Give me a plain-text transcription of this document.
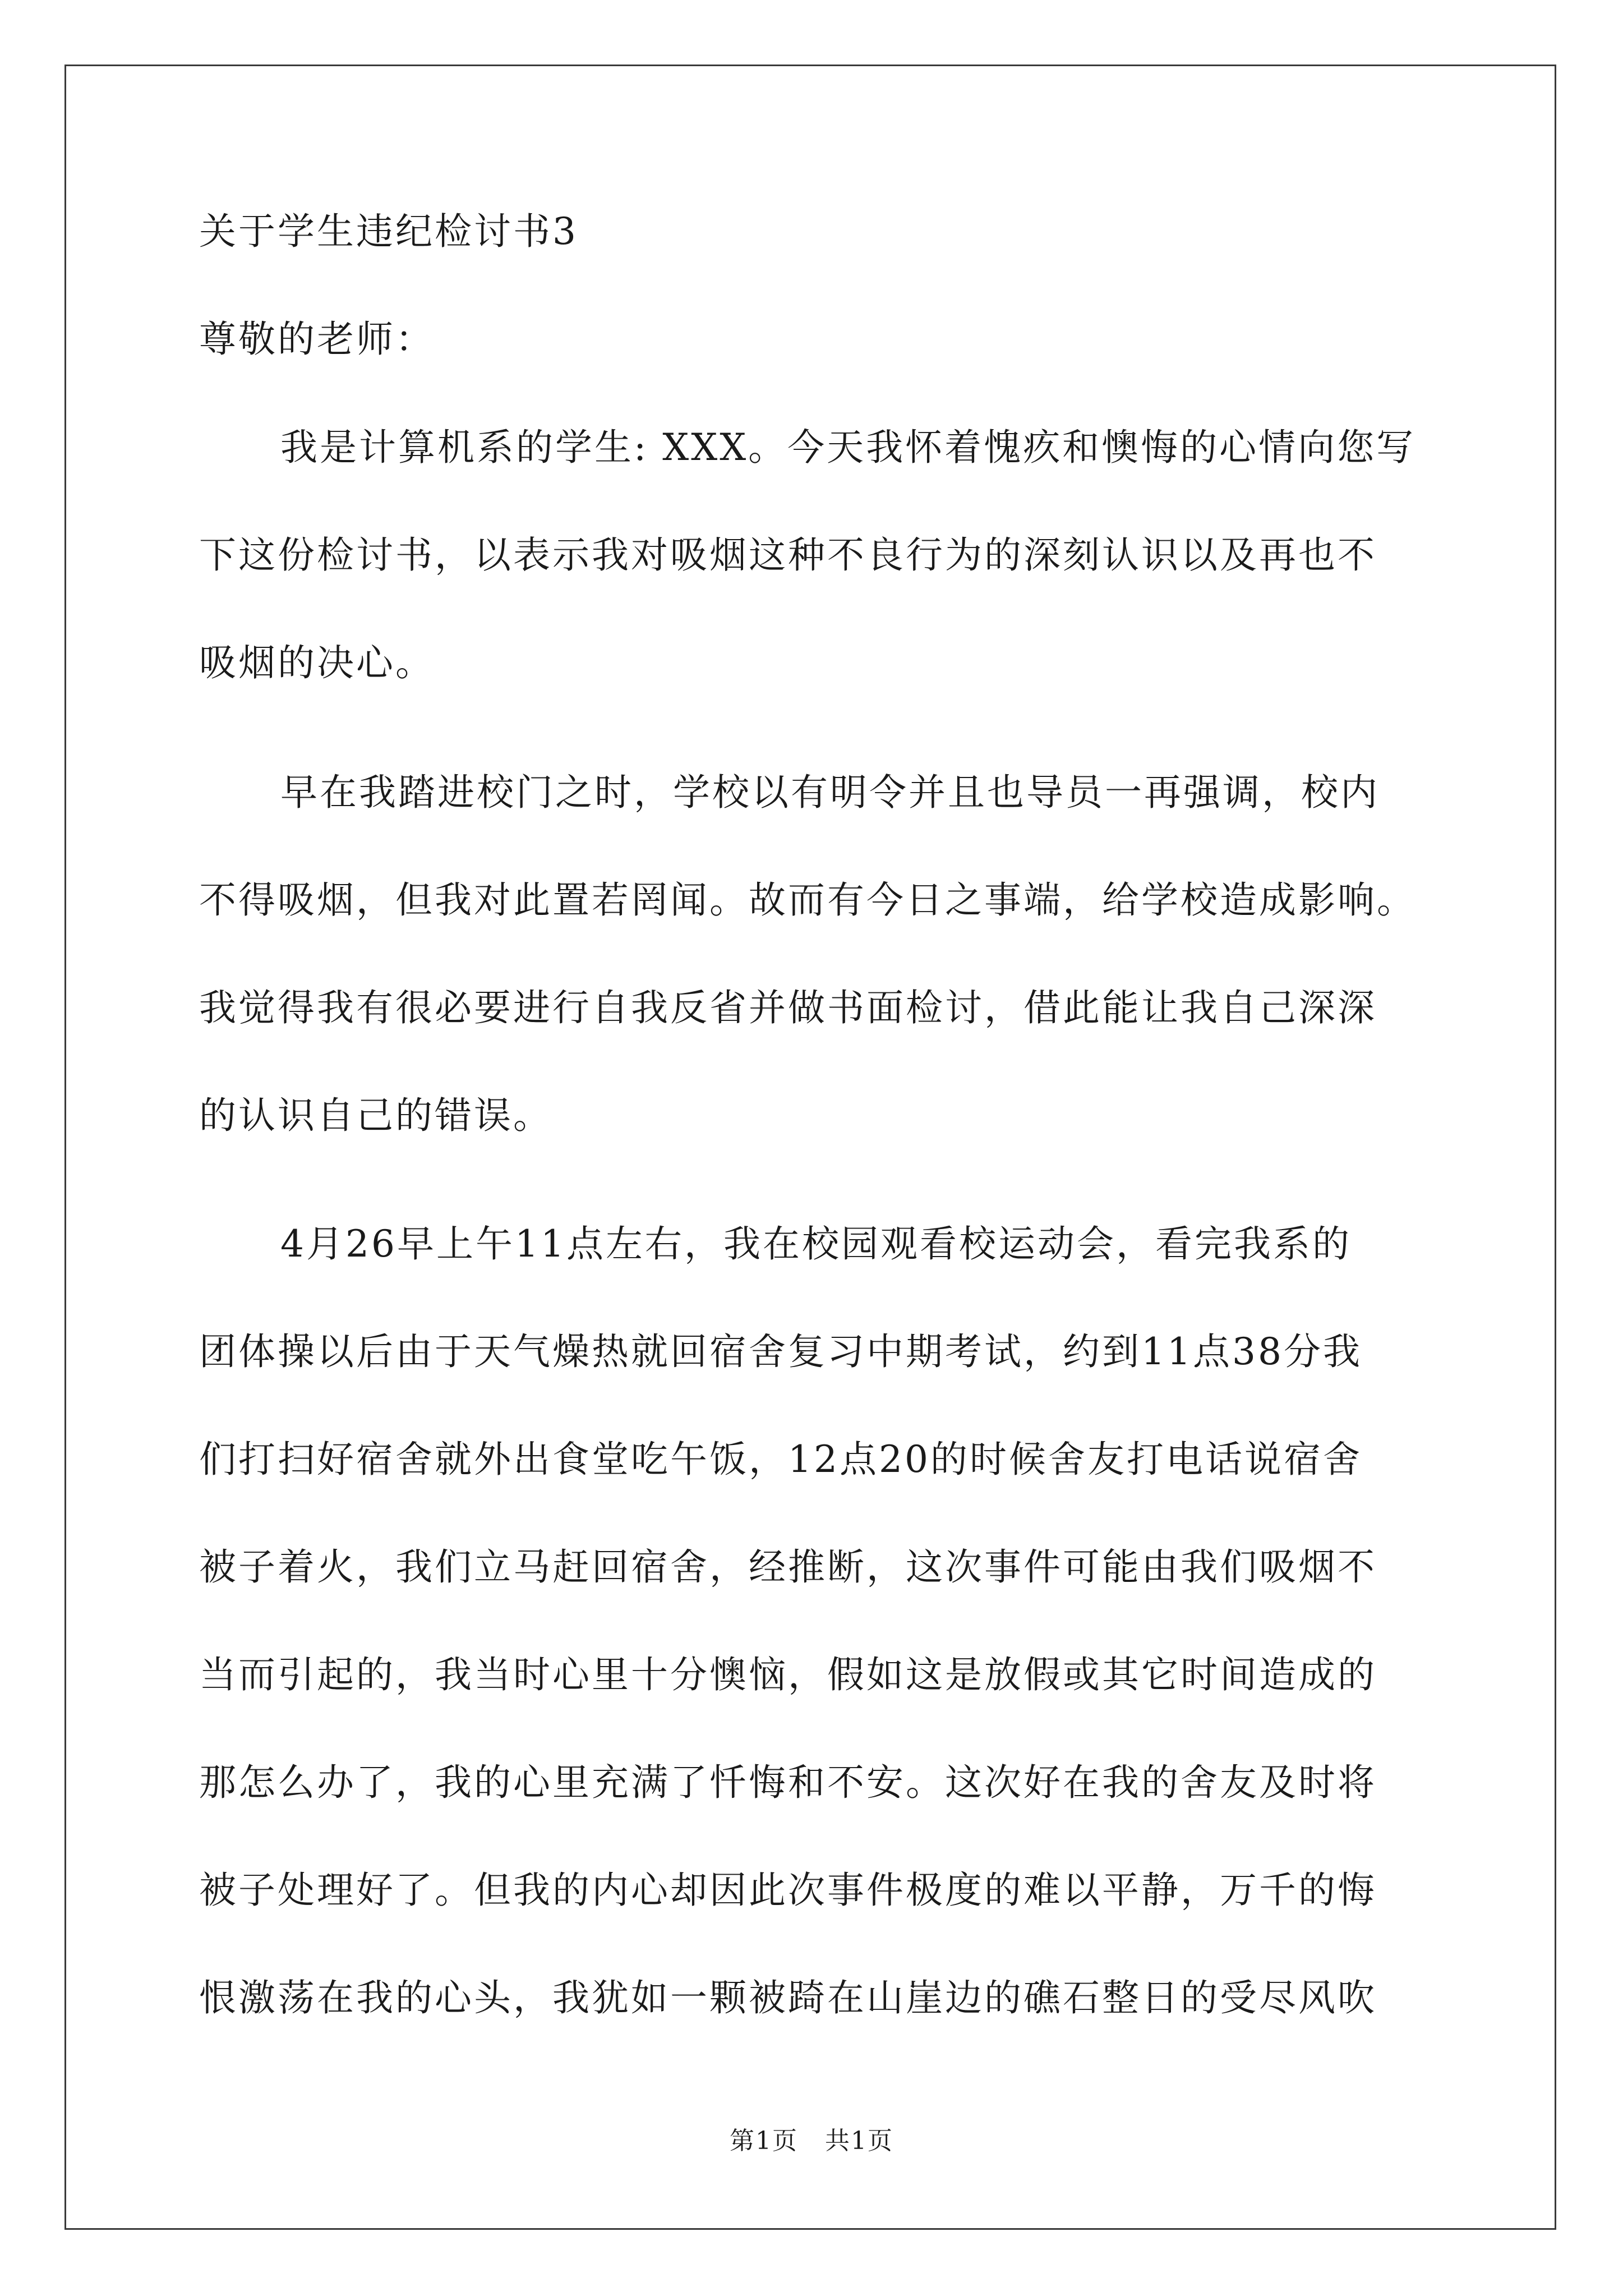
关于学生违纪检讨书3

尊敬的老师：

我是计算机系的学生: XXX。今天我怀着愧疚和懊悔的心情向您写

下这份检讨书，以表示我对吸烟这种不良行为的深刻认识以及再也不

吸烟的决心。

早在我踏进校门之时，学校以有明令并且也导员一再强调，校内

不得吸烟，但我对此置若罔闻。故而有今日之事端，给学校造成影响。

我觉得我有很必要进行自我反省并做书面检讨，借此能让我自己深深

的认识自己的错误。

4月26早上午11点左右，我在校园观看校运动会，看完我系的

团体操以后由于天气燥热就回宿舍复习中期考试，约到11点38分我

们打扫好宿舍就外出食堂吃午饭，12点20的时候舍友打电话说宿舍

被子着火，我们立马赶回宿舍，经推断，这次事件可能由我们吸烟不

当而引起的，我当时心里十分懊恼，假如这是放假或其它时间造成的

那怎么办了，我的心里充满了忏悔和不安。这次好在我的舍友及时将

被子处理好了。但我的内心却因此次事件极度的难以平静，万千的悔

恨激荡在我的心头，我犹如一颗被踦在山崖边的礁石整日的受尽风吹

第1页   共1页
